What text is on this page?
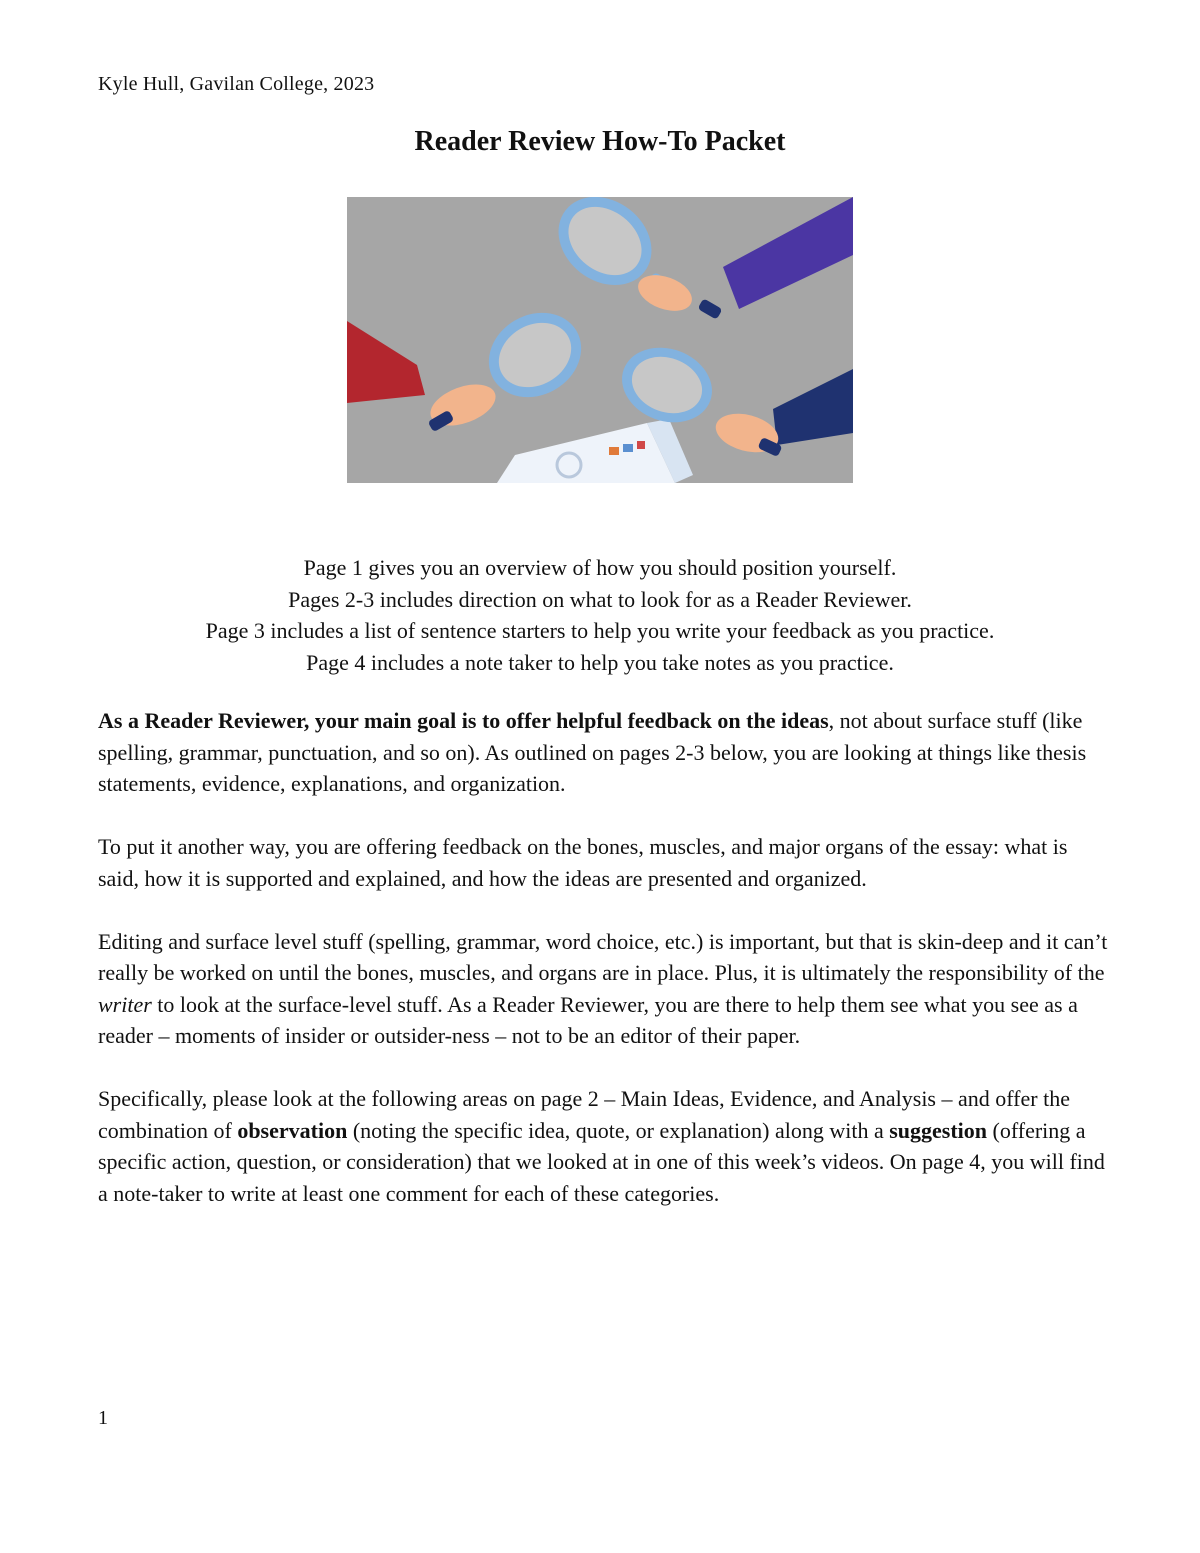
Kyle Hull, Gavilan College, 2023
Reader Review How-To Packet
Page 1 gives you an overview of how you should position yourself.
Pages 2-3 includes direction on what to look for as a Reader Reviewer.
Page 3 includes a list of sentence starters to help you write your feedback as you practice.
Page 4 includes a note taker to help you take notes as you practice.

As a Reader Reviewer, your main goal is to offer helpful feedback on the ideas, not about surface stuff (like spelling, grammar, punctuation, and so on). As outlined on pages 2-3 below, you are looking at things like thesis statements, evidence, explanations, and organization.

To put it another way, you are offering feedback on the bones, muscles, and major organs of the essay: what is said, how it is supported and explained, and how the ideas are presented and organized.

Editing and surface level stuff (spelling, grammar, word choice, etc.) is important, but that is skin-deep and it can’t really be worked on until the bones, muscles, and organs are in place. Plus, it is ultimately the responsibility of the writer to look at the surface-level stuff. As a Reader Reviewer, you are there to help them see what you see as a reader – moments of insider or outsider-ness – not to be an editor of their paper.

Specifically, please look at the following areas on page 2 – Main Ideas, Evidence, and Analysis – and offer the combination of observation (noting the specific idea, quote, or explanation) along with a suggestion (offering a specific action, question, or consideration) that we looked at in one of this week’s videos. On page 4, you will find a note-taker to write at least one comment for each of these categories.

1
